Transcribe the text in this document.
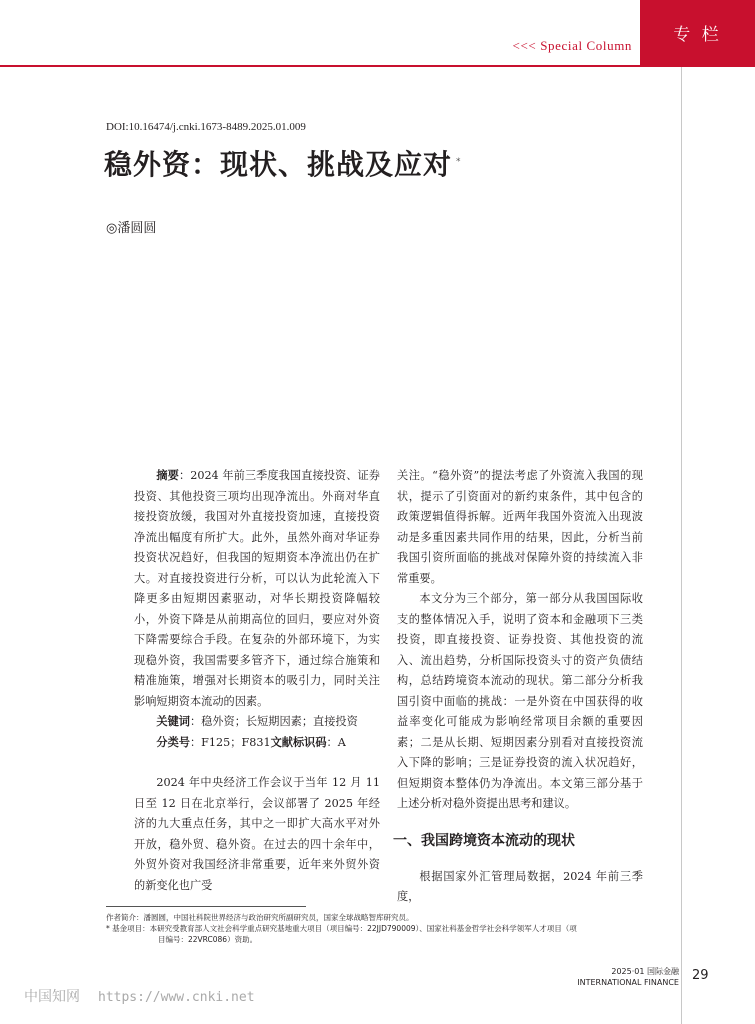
专 栏
<<< Special Column
DOI:10.16474/j.cnki.1673-8489.2025.01.009
稳外资：现状、挑战及应对 *
◎潘圆圆

摘要：2024 年前三季度我国直接投资、证券投资、其他投资三项均出现净流出。外商对华直接投资放缓，我国对外直接投资加速，直接投资净流出幅度有所扩大。此外，虽然外商对华证券投资状况趋好，但我国的短期资本净流出仍在扩大。对直接投资进行分析，可以认为此轮流入下降更多由短期因素驱动，对华长期投资降幅较小，外资下降是从前期高位的回归，要应对外资下降需要综合手段。在复杂的外部环境下，为实现稳外资，我国需要多管齐下，通过综合施策和精准施策，增强对长期资本的吸引力，同时关注影响短期资本流动的因素。

关键词：稳外资；长短期因素；直接投资

分类号：F125；F831文献标识码：A

2024 年中央经济工作会议于当年 12 月 11 日至 12 日在北京举行，会议部署了 2025 年经济的九大重点任务，其中之一即扩大高水平对外开放，稳外贸、稳外资。在过去的四十余年中，外贸外资对我国经济非常重要，近年来外贸外资的新变化也广受

关注。“稳外资”的提法考虑了外资流入我国的现状，提示了引资面对的新约束条件，其中包含的政策逻辑值得拆解。近两年我国外资流入出现波动是多重因素共同作用的结果，因此，分析当前我国引资所面临的挑战对保障外资的持续流入非常重要。

本文分为三个部分，第一部分从我国国际收支的整体情况入手，说明了资本和金融项下三类投资，即直接投资、证券投资、其他投资的流入、流出趋势，分析国际投资头寸的资产负债结构，总结跨境资本流动的现状。第二部分分析我国引资中面临的挑战：一是外资在中国获得的收益率变化可能成为影响经常项目余额的重要因素；二是从长期、短期因素分别看对直接投资流入下降的影响；三是证券投资的流入状况趋好，但短期资本整体仍为净流出。本文第三部分基于上述分析对稳外资提出思考和建议。

一、我国跨境资本流动的现状

根据国家外汇管理局数据，2024 年前三季度，

作者简介：潘圆圆，中国社科院世界经济与政治研究所副研究员，国家全球战略智库研究员。

* 基金项目：本研究受教育部人文社会科学重点研究基地重大项目（项目编号：22JJD790009）、国家社科基金哲学社会科学领军人才项目（项

目编号：22VRC086）资助。

2025·01 国际金融
INTERNATIONAL FINANCE 29
中国知网 https://www.cnki.net
